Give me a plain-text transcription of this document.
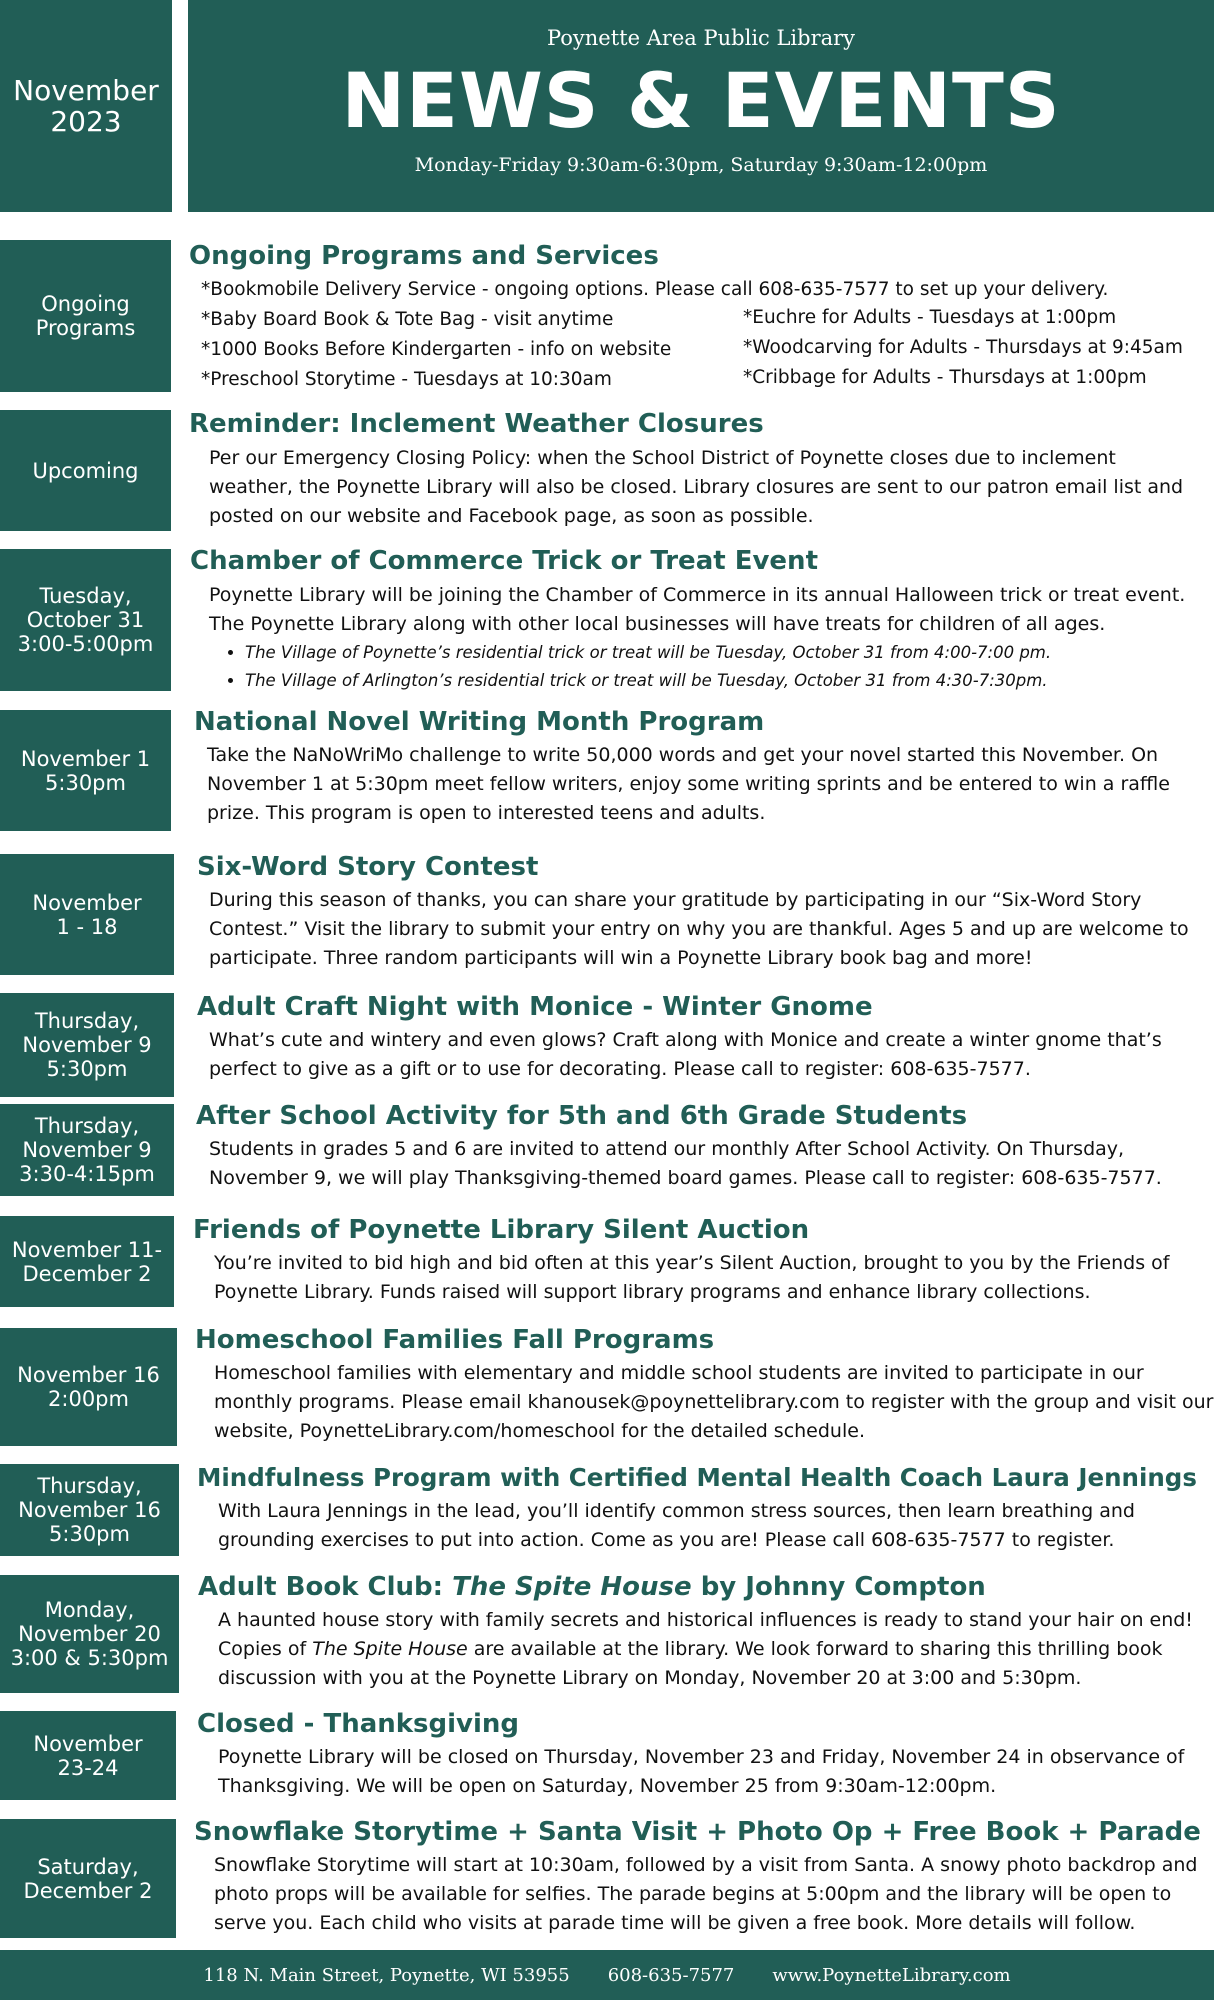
November
2023
Poynette Area Public Library
NEWS & EVENTS
Monday-Friday 9:30am-6:30pm, Saturday 9:30am-12:00pm
Ongoing
Programs
Ongoing Programs and Services

*Bookmobile Delivery Service - ongoing options. Please call 608-635-7577 to set up your delivery.

*Baby Board Book & Tote Bag - visit anytime

*1000 Books Before Kindergarten - info on website

*Preschool Storytime - Tuesdays at 10:30am

*Euchre for Adults - Tuesdays at 1:00pm

*Woodcarving for Adults - Thursdays at 9:45am

*Cribbage for Adults - Thursdays at 1:00pm

Upcoming
Reminder: Inclement Weather Closures
Per our Emergency Closing Policy: when the School District of Poynette closes due to inclement weather, the Poynette Library will also be closed. Library closures are sent to our patron email list and posted on our website and Facebook page, as soon as possible.
Tuesday,
October 31
3:00-5:00pm
Chamber of Commerce Trick or Treat Event

Poynette Library will be joining the Chamber of Commerce in its annual Halloween trick or treat event. The Poynette Library along with other local businesses will have treats for children of all ages.

• The Village of Poynette’s residential trick or treat will be Tuesday, October 31 from 4:00-7:00 pm.
• The Village of Arlington’s residential trick or treat will be Tuesday, October 31 from 4:30-7:30pm.
November 1
5:30pm
National Novel Writing Month Program
Take the NaNoWriMo challenge to write 50,000 words and get your novel started this November. On November 1 at 5:30pm meet fellow writers, enjoy some writing sprints and be entered to win a raffle prize. This program is open to interested teens and adults.
November
1 - 18
Six-Word Story Contest
During this season of thanks, you can share your gratitude by participating in our “Six-Word Story Contest.” Visit the library to submit your entry on why you are thankful. Ages 5 and up are welcome to participate. Three random participants will win a Poynette Library book bag and more!
Thursday,
November 9
5:30pm
Adult Craft Night with Monice - Winter Gnome
What’s cute and wintery and even glows? Craft along with Monice and create a winter gnome that’s perfect to give as a gift or to use for decorating. Please call to register: 608-635-7577.
Thursday,
November 9
3:30-4:15pm
After School Activity for 5th and 6th Grade Students
Students in grades 5 and 6 are invited to attend our monthly After School Activity. On Thursday, November 9, we will play Thanksgiving-themed board games. Please call to register: 608-635-7577.
November 11-
December 2
Friends of Poynette Library Silent Auction
You’re invited to bid high and bid often at this year’s Silent Auction, brought to you by the Friends of Poynette Library. Funds raised will support library programs and enhance library collections.
November 16
2:00pm
Homeschool Families Fall Programs
Homeschool families with elementary and middle school students are invited to participate in our monthly programs. Please email khanousek@poynettelibrary.com to register with the group and visit our website, PoynetteLibrary.com/homeschool for the detailed schedule.
Thursday,
November 16
5:30pm
Mindfulness Program with Certified Mental Health Coach Laura Jennings
With Laura Jennings in the lead, you’ll identify common stress sources, then learn breathing and grounding exercises to put into action. Come as you are! Please call 608-635-7577 to register.
Monday,
November 20
3:00 & 5:30pm
Adult Book Club: The Spite House by Johnny Compton
A haunted house story with family secrets and historical influences is ready to stand your hair on end! Copies of The Spite House are available at the library. We look forward to sharing this thrilling book discussion with you at the Poynette Library on Monday, November 20 at 3:00 and 5:30pm.
November
23-24
Closed - Thanksgiving
Poynette Library will be closed on Thursday, November 23 and Friday, November 24 in observance of Thanksgiving. We will be open on Saturday, November 25 from 9:30am-12:00pm.
Saturday,
December 2
Snowflake Storytime + Santa Visit + Photo Op + Free Book + Parade
Snowflake Storytime will start at 10:30am, followed by a visit from Santa. A snowy photo backdrop and photo props will be available for selfies. The parade begins at 5:00pm and the library will be open to serve you. Each child who visits at parade time will be given a free book. More details will follow.
118 N. Main Street, Poynette, WI 53955 608-635-7577 www.PoynetteLibrary.com
